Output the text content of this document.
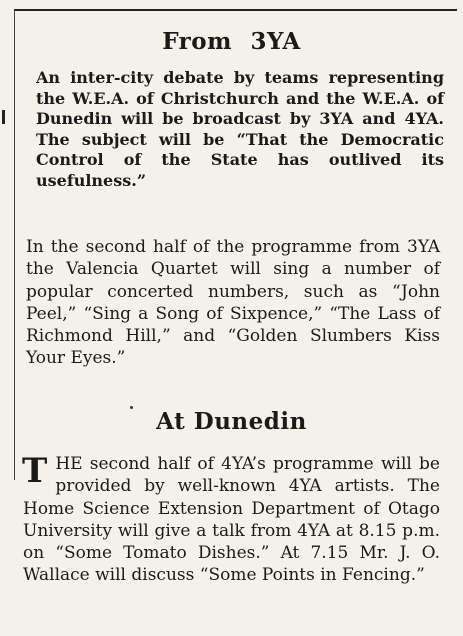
From 3YA

An inter-city debate by teams representing the W.E.A. of Christchurch and the W.E.A. of Dunedin will be broadcast by 3YA and 4YA. The subject will be “That the Democratic Control of the State has outlived its usefulness.”

In the second half of the programme from 3YA the Valencia Quartet will sing a number of popular concerted numbers, such as “John Peel,” “Sing a Song of Sixpence,” “The Lass of Richmond Hill,” and “Golden Slumbers Kiss Your Eyes.”

At Dunedin

THE second half of 4YA’s programme will be provided by well-known 4YA artists. The Home Science Extension Department of Otago University will give a talk from 4YA at 8.15 p.m. on “Some Tomato Dishes.” At 7.15 Mr. J. O. Wallace will discuss “Some Points in Fencing.”
